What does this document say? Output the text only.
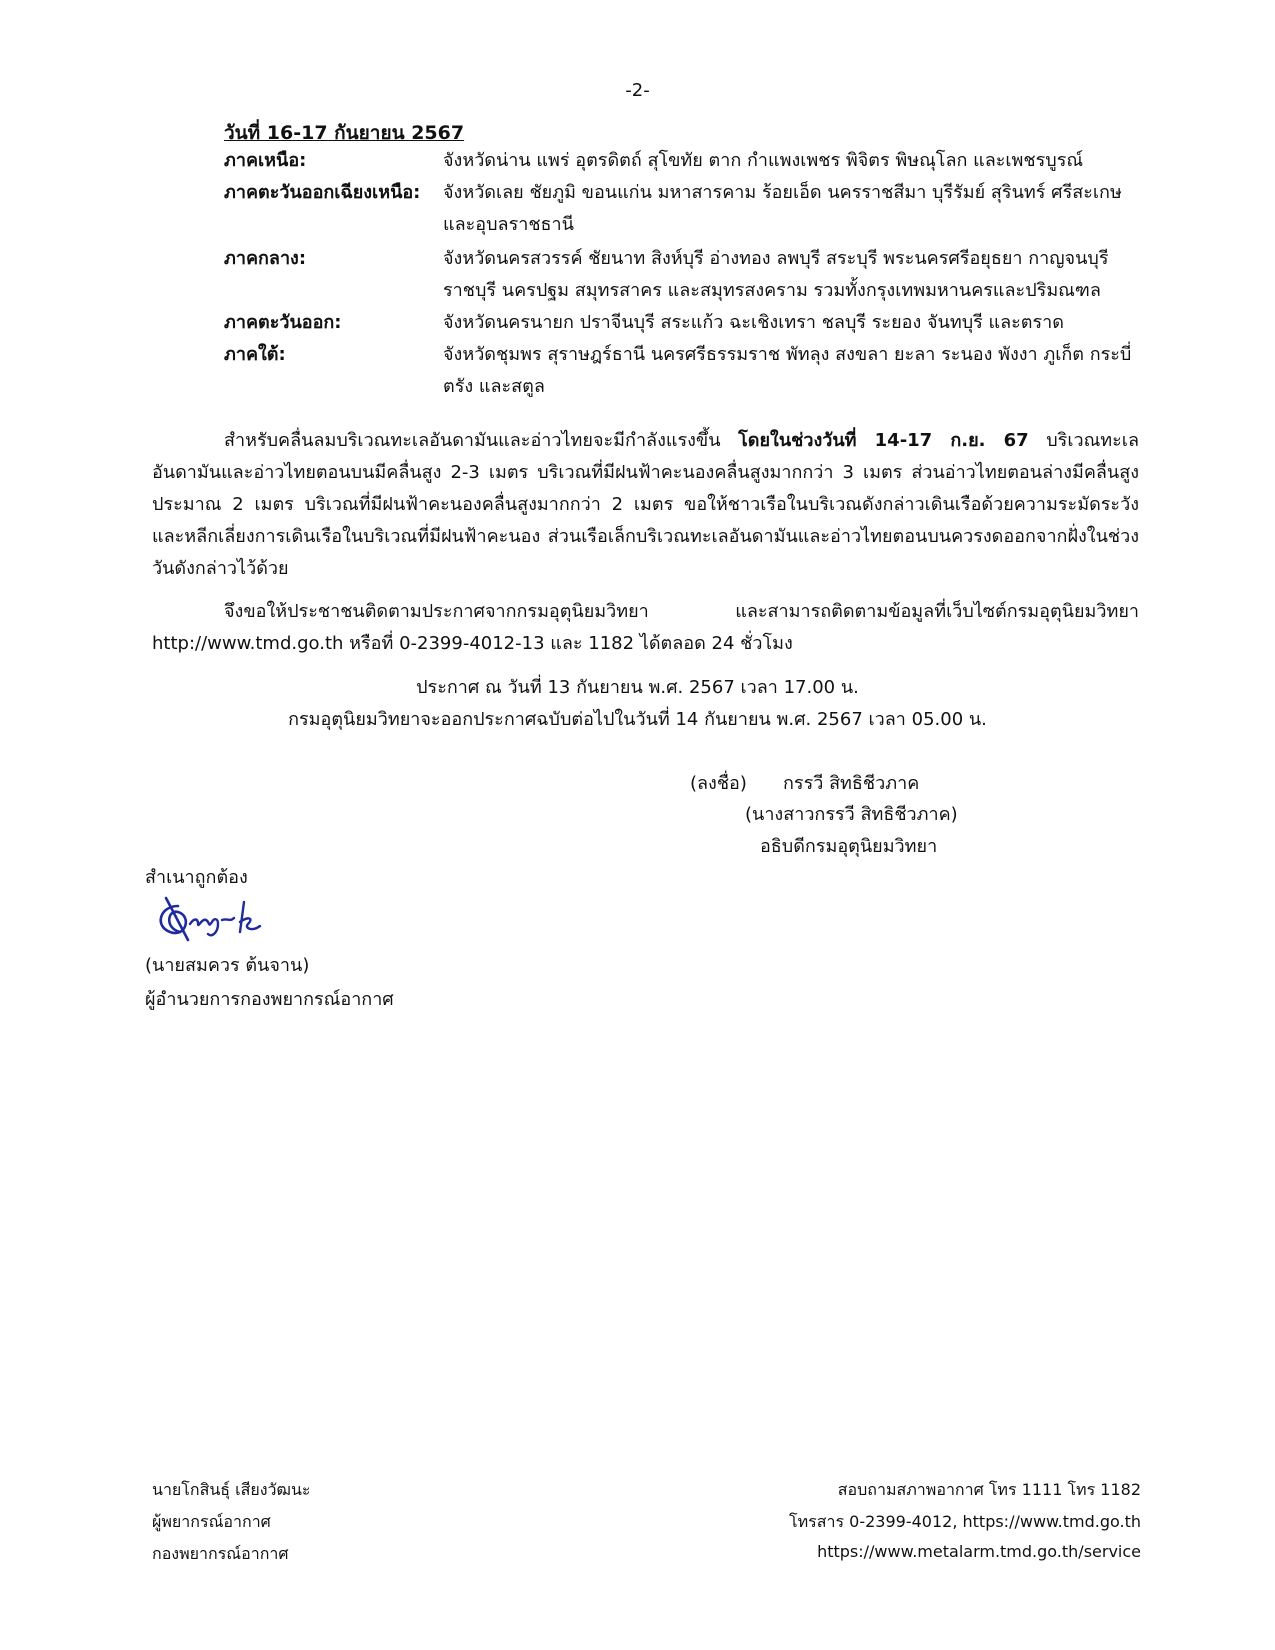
-2-
วันที่ 16-17 กันยายน 2567
ภาคเหนือ:	จังหวัดน่าน แพร่ อุตรดิตถ์ สุโขทัย ตาก กำแพงเพชร พิจิตร พิษณุโลก และเพชรบูรณ์
ภาคตะวันออกเฉียงเหนือ:	จังหวัดเลย ชัยภูมิ ขอนแก่น มหาสารคาม ร้อยเอ็ด นครราชสีมา บุรีรัมย์ สุรินทร์ ศรีสะเกษ
และอุบลราชธานี
ภาคกลาง:	จังหวัดนครสวรรค์ ชัยนาท สิงห์บุรี อ่างทอง ลพบุรี สระบุรี พระนครศรีอยุธยา กาญจนบุรี
ราชบุรี นครปฐม สมุทรสาคร และสมุทรสงคราม รวมทั้งกรุงเทพมหานครและปริมณฑล
ภาคตะวันออก:	จังหวัดนครนายก ปราจีนบุรี สระแก้ว ฉะเชิงเทรา ชลบุรี ระยอง จันทบุรี และตราด
ภาคใต้:	จังหวัดชุมพร สุราษฎร์ธานี นครศรีธรรมราช พัทลุง สงขลา ยะลา ระนอง พังงา ภูเก็ต กระบี่
ตรัง และสตูล
สำหรับคลื่นลมบริเวณทะเลอันดามันและอ่าวไทยจะมีกำลังแรงขึ้น โดยในช่วงวันที่ 14-17 ก.ย. 67 บริเวณทะเลอันดามันและอ่าวไทยตอนบนมีคลื่นสูง 2-3 เมตร บริเวณที่มีฝนฟ้าคะนองคลื่นสูงมากกว่า 3 เมตร ส่วนอ่าวไทยตอนล่างมีคลื่นสูงประมาณ 2 เมตร บริเวณที่มีฝนฟ้าคะนองคลื่นสูงมากกว่า 2 เมตร ขอให้ชาวเรือในบริเวณดังกล่าวเดินเรือด้วยความระมัดระวังและหลีกเลี่ยงการเดินเรือในบริเวณที่มีฝนฟ้าคะนอง ส่วนเรือเล็กบริเวณทะเลอันดามันและอ่าวไทยตอนบนควรงดออกจากฝั่งในช่วงวันดังกล่าวไว้ด้วย
จึงขอให้ประชาชนติดตามประกาศจากกรมอุตุนิยมวิทยา และสามารถติดตามข้อมูลที่เว็บไซต์กรมอุตุนิยมวิทยา http://www.tmd.go.th หรือที่ 0-2399-4012-13 และ 1182 ได้ตลอด 24 ชั่วโมง
ประกาศ ณ วันที่ 13 กันยายน พ.ศ. 2567 เวลา 17.00 น.
กรมอุตุนิยมวิทยาจะออกประกาศฉบับต่อไปในวันที่ 14 กันยายน พ.ศ. 2567 เวลา 05.00 น.
(ลงชื่อ) กรรวี สิทธิชีวภาค
(นางสาวกรรวี สิทธิชีวภาค)
อธิบดีกรมอุตุนิยมวิทยา
สำเนาถูกต้อง
(นายสมควร ต้นจาน)
ผู้อำนวยการกองพยากรณ์อากาศ
นายโกสินธุ์ เสียงวัฒนะ
ผู้พยากรณ์อากาศ
กองพยากรณ์อากาศ
สอบถามสภาพอากาศ โทร 1111 โทร 1182
โทรสาร 0-2399-4012, https://www.tmd.go.th
https://www.metalarm.tmd.go.th/service
